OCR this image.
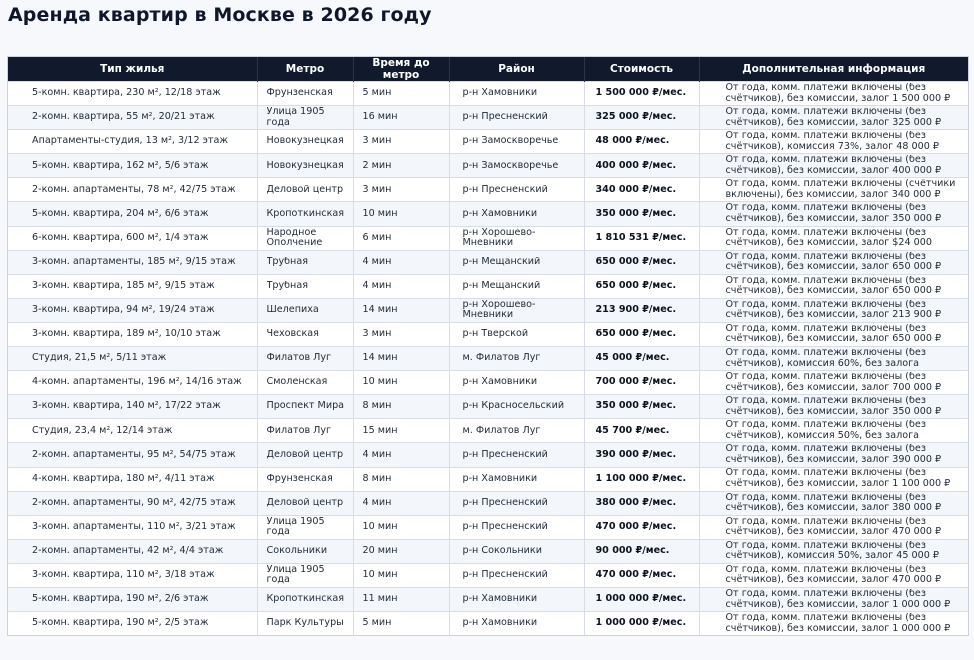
Аренда квартир в Москве в 2026 году
Тип жилья	Метро	Время до метро	Район	Стоимость	Дополнительная информация

5-комн. квартира, 230 м², 12/18 этаж	Фрунзенская	5 мин	р-н Хамовники	1 500 000 ₽/мес.	От года, комм. платежи включены (без счётчиков), без комиссии, залог 1 500 000 ₽

2-комн. квартира, 55 м², 20/21 этаж	Улица 1905 года	16 мин	р-н Пресненский	325 000 ₽/мес.	От года, комм. платежи включены (без счётчиков), без комиссии, залог 325 000 ₽

Апартаменты-студия, 13 м², 3/12 этаж	Новокузнецкая	3 мин	р-н Замоскворечье	48 000 ₽/мес.	От года, комм. платежи включены (без счётчиков), комиссия 73%, залог 48 000 ₽

5-комн. квартира, 162 м², 5/6 этаж	Новокузнецкая	2 мин	р-н Замоскворечье	400 000 ₽/мес.	От года, комм. платежи включены (без счётчиков), без комиссии, залог 400 000 ₽

2-комн. апартаменты, 78 м², 42/75 этаж	Деловой центр	3 мин	р-н Пресненский	340 000 ₽/мес.	От года, комм. платежи включены (счётчики включены), без комиссии, залог 340 000 ₽

5-комн. квартира, 204 м², 6/6 этаж	Кропоткинская	10 мин	р-н Хамовники	350 000 ₽/мес.	От года, комм. платежи включены (без счётчиков), без комиссии, залог 350 000 ₽

6-комн. квартира, 600 м², 1/4 этаж	Народное Ополчение	6 мин	р-н Хорошево-Мневники	1 810 531 ₽/мес.	От года, комм. платежи включены (без счётчиков), без комиссии, залог $24 000

3-комн. апартаменты, 185 м², 9/15 этаж	Трубная	4 мин	р-н Мещанский	650 000 ₽/мес.	От года, комм. платежи включены (без счётчиков), без комиссии, залог 650 000 ₽

3-комн. квартира, 185 м², 9/15 этаж	Трубная	4 мин	р-н Мещанский	650 000 ₽/мес.	От года, комм. платежи включены (без счётчиков), без комиссии, залог 650 000 ₽

3-комн. квартира, 94 м², 19/24 этаж	Шелепиха	14 мин	р-н Хорошево-Мневники	213 900 ₽/мес.	От года, комм. платежи включены (без счётчиков), без комиссии, залог 213 900 ₽

3-комн. квартира, 189 м², 10/10 этаж	Чеховская	3 мин	р-н Тверской	650 000 ₽/мес.	От года, комм. платежи включены (без счётчиков), без комиссии, залог 650 000 ₽

Студия, 21,5 м², 5/11 этаж	Филатов Луг	14 мин	м. Филатов Луг	45 000 ₽/мес.	От года, комм. платежи включены (без счётчиков), комиссия 60%, без залога

4-комн. апартаменты, 196 м², 14/16 этаж	Смоленская	10 мин	р-н Хамовники	700 000 ₽/мес.	От года, комм. платежи включены (без счётчиков), без комиссии, залог 700 000 ₽

3-комн. квартира, 140 м², 17/22 этаж	Проспект Мира	8 мин	р-н Красносельский	350 000 ₽/мес.	От года, комм. платежи включены (без счётчиков), без комиссии, залог 350 000 ₽

Студия, 23,4 м², 12/14 этаж	Филатов Луг	15 мин	м. Филатов Луг	45 700 ₽/мес.	От года, комм. платежи включены (без счётчиков), комиссия 50%, без залога

2-комн. апартаменты, 95 м², 54/75 этаж	Деловой центр	4 мин	р-н Пресненский	390 000 ₽/мес.	От года, комм. платежи включены (без счётчиков), без комиссии, залог 390 000 ₽

4-комн. квартира, 180 м², 4/11 этаж	Фрунзенская	8 мин	р-н Хамовники	1 100 000 ₽/мес.	От года, комм. платежи включены (без счётчиков), без комиссии, залог 1 100 000 ₽

2-комн. апартаменты, 90 м², 42/75 этаж	Деловой центр	4 мин	р-н Пресненский	380 000 ₽/мес.	От года, комм. платежи включены (без счётчиков), без комиссии, залог 380 000 ₽

3-комн. апартаменты, 110 м², 3/21 этаж	Улица 1905 года	10 мин	р-н Пресненский	470 000 ₽/мес.	От года, комм. платежи включены (без счётчиков), без комиссии, залог 470 000 ₽

2-комн. апартаменты, 42 м², 4/4 этаж	Сокольники	20 мин	р-н Сокольники	90 000 ₽/мес.	От года, комм. платежи включены (без счётчиков), комиссия 50%, залог 45 000 ₽

3-комн. квартира, 110 м², 3/18 этаж	Улица 1905 года	10 мин	р-н Пресненский	470 000 ₽/мес.	От года, комм. платежи включены (без счётчиков), без комиссии, залог 470 000 ₽

5-комн. квартира, 190 м², 2/6 этаж	Кропоткинская	11 мин	р-н Хамовники	1 000 000 ₽/мес.	От года, комм. платежи включены (без счётчиков), без комиссии, залог 1 000 000 ₽

5-комн. квартира, 190 м², 2/5 этаж	Парк Культуры	5 мин	р-н Хамовники	1 000 000 ₽/мес.	От года, комм. платежи включены (без счётчиков), без комиссии, залог 1 000 000 ₽
